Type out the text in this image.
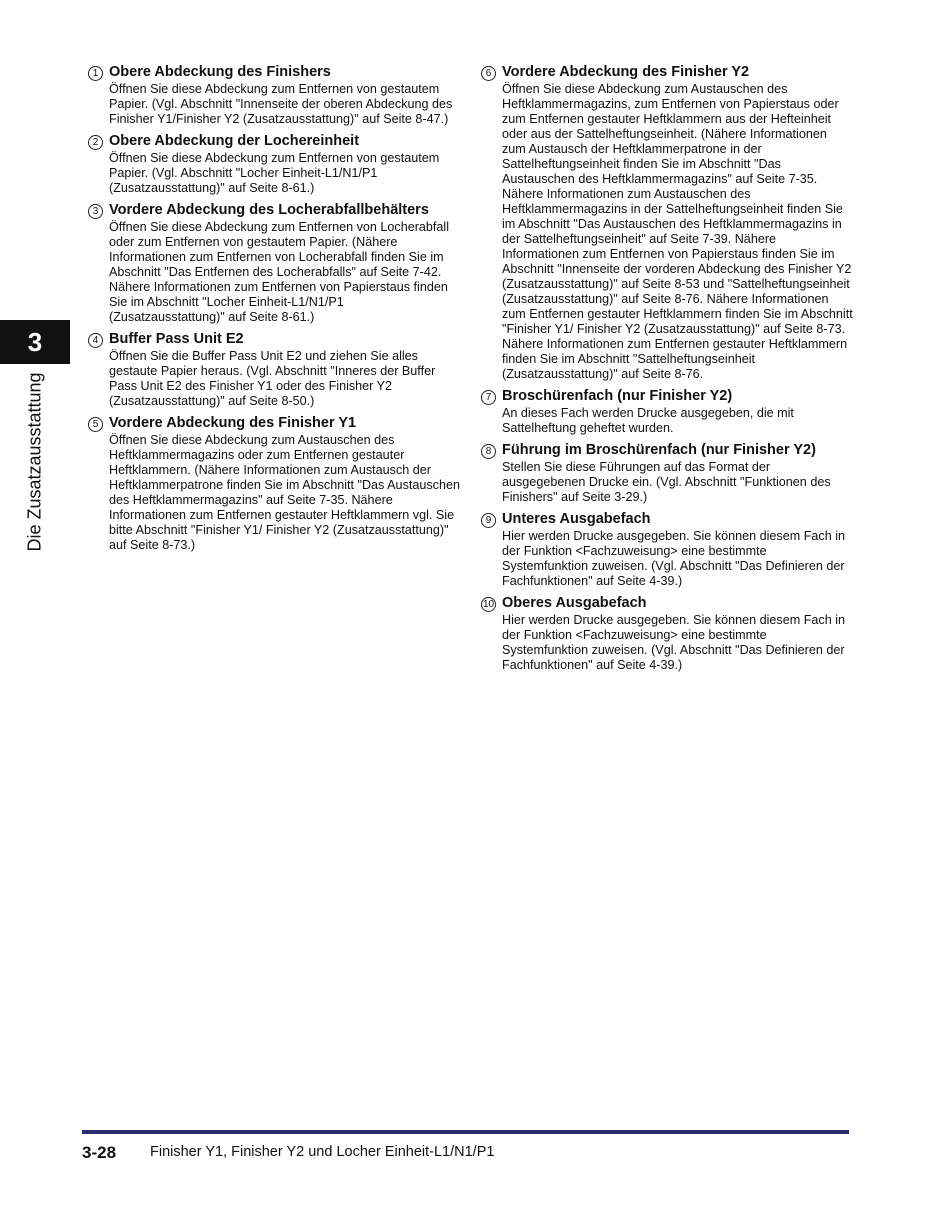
3
Die Zusatzausstattung
1 Obere Abdeckung des Finishers

Öffnen Sie diese Abdeckung zum Entfernen von gestautem Papier. (Vgl. Abschnitt "Innenseite der oberen Abdeckung des Finisher Y1/Finisher Y2 (Zusatzausstattung)" auf Seite 8-47.)

2 Obere Abdeckung der Lochereinheit

Öffnen Sie diese Abdeckung zum Entfernen von gestautem Papier. (Vgl. Abschnitt "Locher Einheit-L1/N1/P1 (Zusatzausstattung)" auf Seite 8-61.)

3 Vordere Abdeckung des Locherabfallbehälters

Öffnen Sie diese Abdeckung zum Entfernen von Locherabfall oder zum Entfernen von gestautem Papier. (Nähere Informationen zum Entfernen von Locherabfall finden Sie im Abschnitt "Das Entfernen des Locherabfalls" auf Seite 7-42. Nähere Informationen zum Entfernen von Papierstaus finden Sie im Abschnitt "Locher Einheit-L1/N1/P1 (Zusatzausstattung)" auf Seite 8-61.)

4 Buffer Pass Unit E2

Öffnen Sie die Buffer Pass Unit E2 und ziehen Sie alles gestaute Papier heraus. (Vgl. Abschnitt "Inneres der Buffer Pass Unit E2 des Finisher Y1 oder des Finisher Y2 (Zusatzausstattung)" auf Seite 8-50.)

5 Vordere Abdeckung des Finisher Y1

Öffnen Sie diese Abdeckung zum Austauschen des Heftklammermagazins oder zum Entfernen gestauter Heftklammern. (Nähere Informationen zum Austausch der Heftklammerpatrone finden Sie im Abschnitt "Das Austauschen des Heftklammermagazins" auf Seite 7-35. Nähere Informationen zum Entfernen gestauter Heftklammern vgl. Sie bitte Abschnitt "Finisher Y1/ Finisher Y2 (Zusatzausstattung)" auf Seite 8-73.)

6 Vordere Abdeckung des Finisher Y2

Öffnen Sie diese Abdeckung zum Austauschen des Heftklammermagazins, zum Entfernen von Papierstaus oder zum Entfernen gestauter Heftklammern aus der Hefteinheit oder aus der Sattelheftungseinheit. (Nähere Informationen zum Austausch der Heftklammerpatrone in der Sattelheftungseinheit finden Sie im Abschnitt "Das Austauschen des Heftklammermagazins" auf Seite 7-35. Nähere Informationen zum Austauschen des Heftklammermagazins in der Sattelheftungseinheit finden Sie im Abschnitt "Das Austauschen des Heftklammermagazins in der Sattelheftungseinheit" auf Seite 7-39. Nähere Informationen zum Entfernen von Papierstaus finden Sie im Abschnitt "Innenseite der vorderen Abdeckung des Finisher Y2 (Zusatzausstattung)" auf Seite 8-53 und "Sattelheftungseinheit (Zusatzausstattung)" auf Seite 8-76. Nähere Informationen zum Entfernen gestauter Heftklammern finden Sie im Abschnitt "Finisher Y1/ Finisher Y2 (Zusatzausstattung)" auf Seite 8-73. Nähere Informationen zum Entfernen gestauter Heftklammern finden Sie im Abschnitt "Sattelheftungseinheit (Zusatzausstattung)" auf Seite 8-76.

7 Broschürenfach (nur Finisher Y2)

An dieses Fach werden Drucke ausgegeben, die mit Sattelheftung geheftet wurden.

8 Führung im Broschürenfach (nur Finisher Y2)

Stellen Sie diese Führungen auf das Format der ausgegebenen Drucke ein. (Vgl. Abschnitt "Funktionen des Finishers" auf Seite 3-29.)

9 Unteres Ausgabefach

Hier werden Drucke ausgegeben. Sie können diesem Fach in der Funktion <Fachzuweisung> eine bestimmte Systemfunktion zuweisen. (Vgl. Abschnitt "Das Definieren der Fachfunktionen" auf Seite 4-39.)

10 Oberes Ausgabefach

Hier werden Drucke ausgegeben. Sie können diesem Fach in der Funktion <Fachzuweisung> eine bestimmte Systemfunktion zuweisen. (Vgl. Abschnitt "Das Definieren der Fachfunktionen" auf Seite 4-39.)

3-28 Finisher Y1, Finisher Y2 und Locher Einheit-L1/N1/P1
